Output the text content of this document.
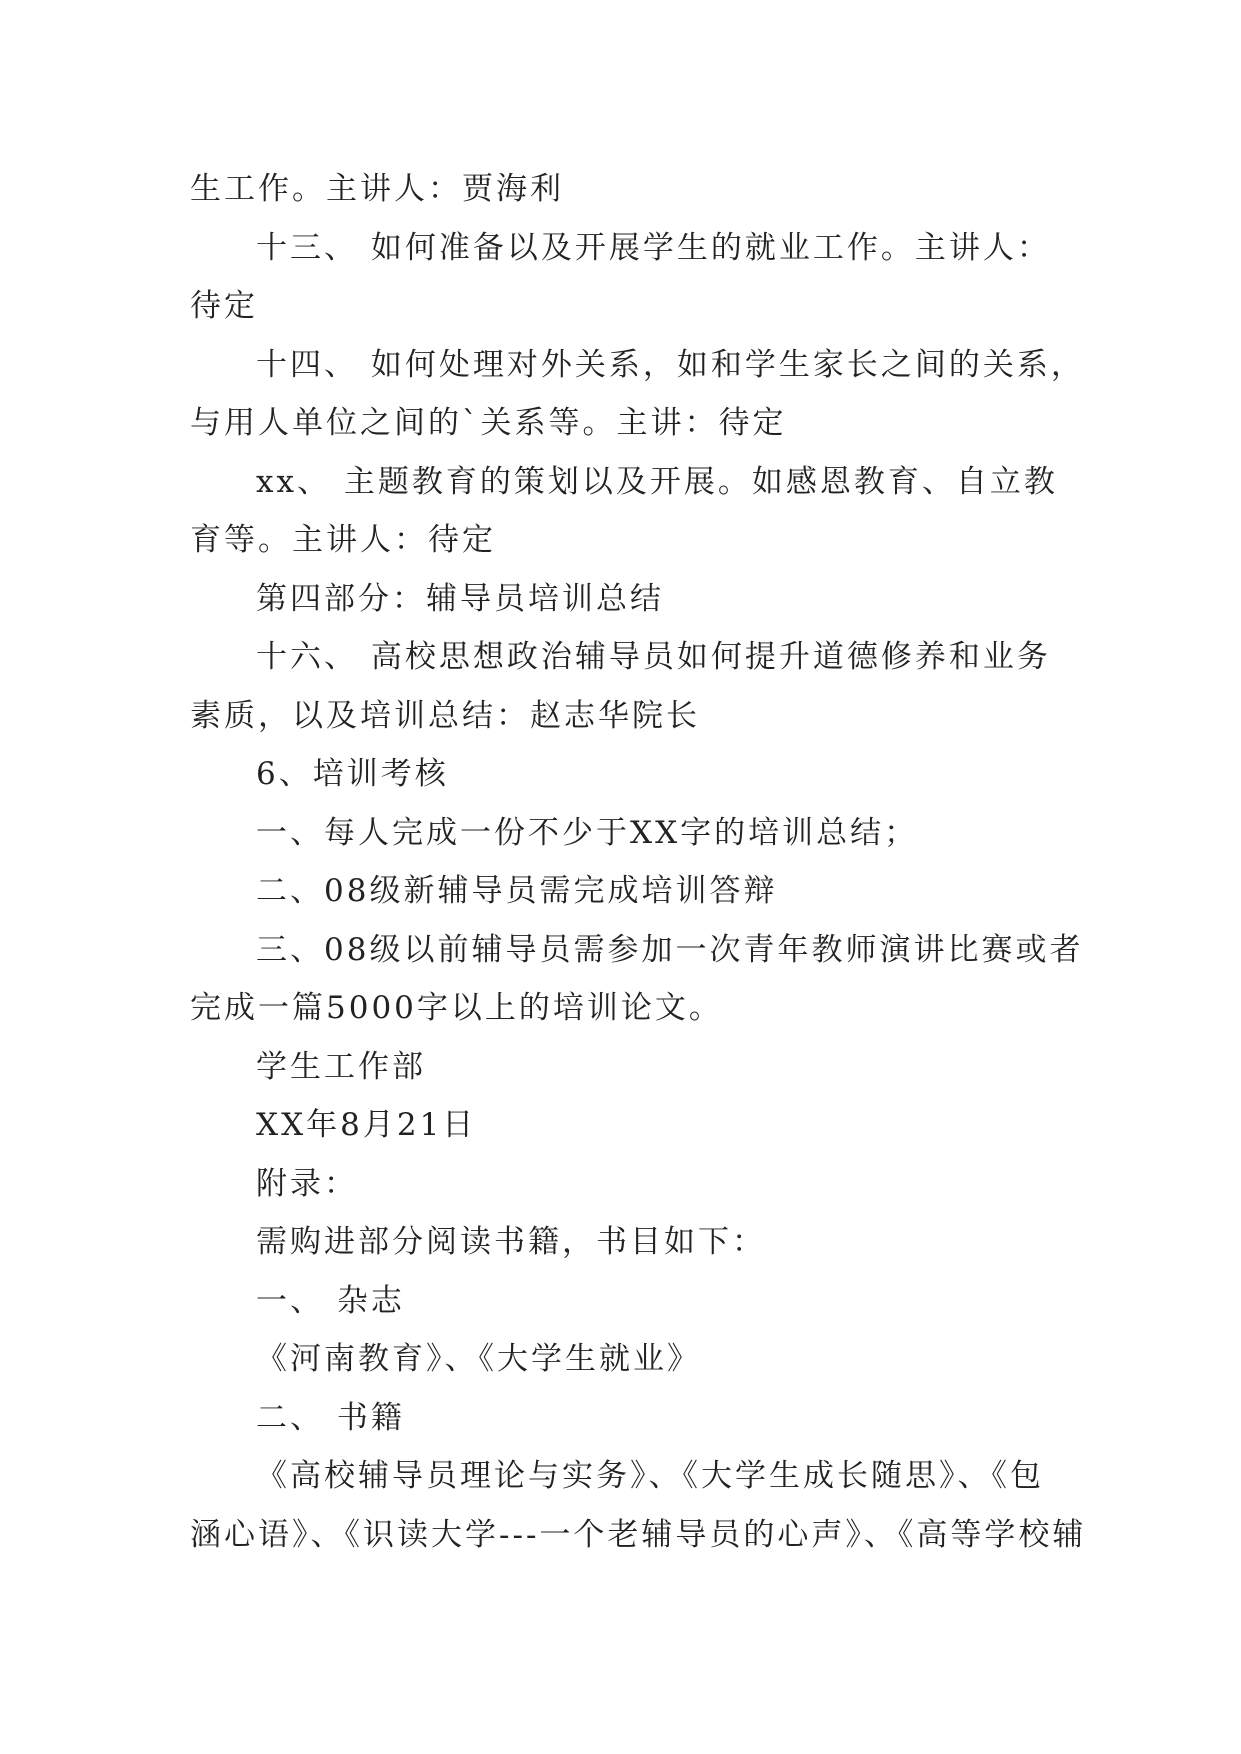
生工作。主讲人：贾海利

十三、 如何准备以及开展学生的就业工作。主讲人：

待定

十四、 如何处理对外关系，如和学生家长之间的关系，

与用人单位之间的`关系等。主讲：待定

xx、 主题教育的策划以及开展。如感恩教育、自立教

育等。主讲人：待定

第四部分：辅导员培训总结

十六、 高校思想政治辅导员如何提升道德修养和业务

素质，以及培训总结：赵志华院长

6、培训考核

一、每人完成一份不少于XX字的培训总结；

二、08级新辅导员需完成培训答辩

三、08级以前辅导员需参加一次青年教师演讲比赛或者

完成一篇5000字以上的培训论文。

学生工作部

XX年8月21日

附录：

需购进部分阅读书籍，书目如下：

一、 杂志

《河南教育》、《大学生就业》

二、 书籍

《高校辅导员理论与实务》、《大学生成长随思》、《包

涵心语》、《识读大学---一个老辅导员的心声》、《高等学校辅
